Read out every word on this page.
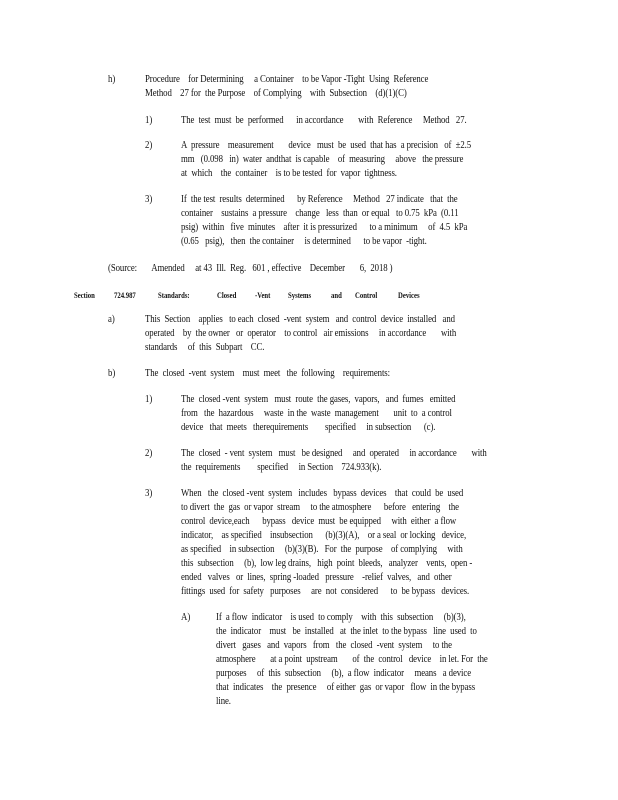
h)	Procedure    for Determining     a Container    to be Vapor -Tight  Using  Reference
Method    27 for  the Purpose    of Complying    with  Subsection    (d)(1)(C)
1)	The  test  must  be  performed      in accordance       with  Reference     Method   27.
2)	A  pressure    measurement       device   must  be  used  that has  a precision   of  ±2.5
mm   (0.098   in)  water  andthat  is capable    of  measuring     above   the pressure
at  which    the  container    is to be tested  for  vapor  tightness.
3)	If  the test  results  determined      by Reference     Method   27 indicate   that  the
container    sustains  a pressure    change   less  than  or equal   to 0.75  kPa  (0.11
psig)  within   five  minutes    after  it is pressurized      to a minimum     of  4.5  kPa
(0.65   psig),   then  the container     is determined      to be vapor  -tight.
(Source:       Amended     at 43  Ill.  Reg.   601 , effective    December       6,  2018 )
Section 724.987	Standards:	Closed -Vent Systems and Control Devices
a)	This  Section    applies   to each  closed  -vent  system   and  control  device  installed   and
operated    by  the owner   or  operator    to control   air emissions     in accordance       with
standards     of  this  Subpart    CC.
b)	The  closed  -vent  system    must  meet   the  following    requirements:
1)	The  closed -vent  system   must  route  the gases,  vapors,   and  fumes   emitted
from   the  hazardous     waste  in the  waste  management       unit  to  a control
device   that  meets   therequirements        specified     in subsection      (c).
2)	The  closed  - vent  system   must   be designed     and  operated     in accordance       with
the  requirements        specified     in Section    724.933(k).
3)	When   the  closed -vent  system   includes   bypass  devices    that  could  be  used
to divert  the  gas  or vapor  stream     to the atmosphere      before   entering    the
control  device,each      bypass   device  must  be equipped     with  either  a flow
indicator,    as specified    insubsection      (b)(3)(A),    or a seal  or locking   device,
as specified    in subsection     (b)(3)(B).   For  the  purpose    of complying     with
this  subsection     (b),  low leg drains,   high  point  bleeds,   analyzer    vents,  open -
ended   valves   or  lines,  spring -loaded   pressure    -relief  valves,   and  other
fittings  used  for  safety   purposes     are  not  considered      to  be bypass   devices.
A)	If  a flow  indicator    is used  to comply    with  this  subsection     (b)(3),
the  indicator    must   be  installed   at  the inlet  to the bypass   line  used  to
divert   gases   and  vapors   from   the  closed  -vent  system     to the
atmosphere       at a point  upstream       of  the  control   device    in let. For  the
purposes     of  this  subsection     (b),  a flow  indicator     means   a device
that  indicates    the  presence     of either  gas  or vapor   flow  in the bypass
line.
